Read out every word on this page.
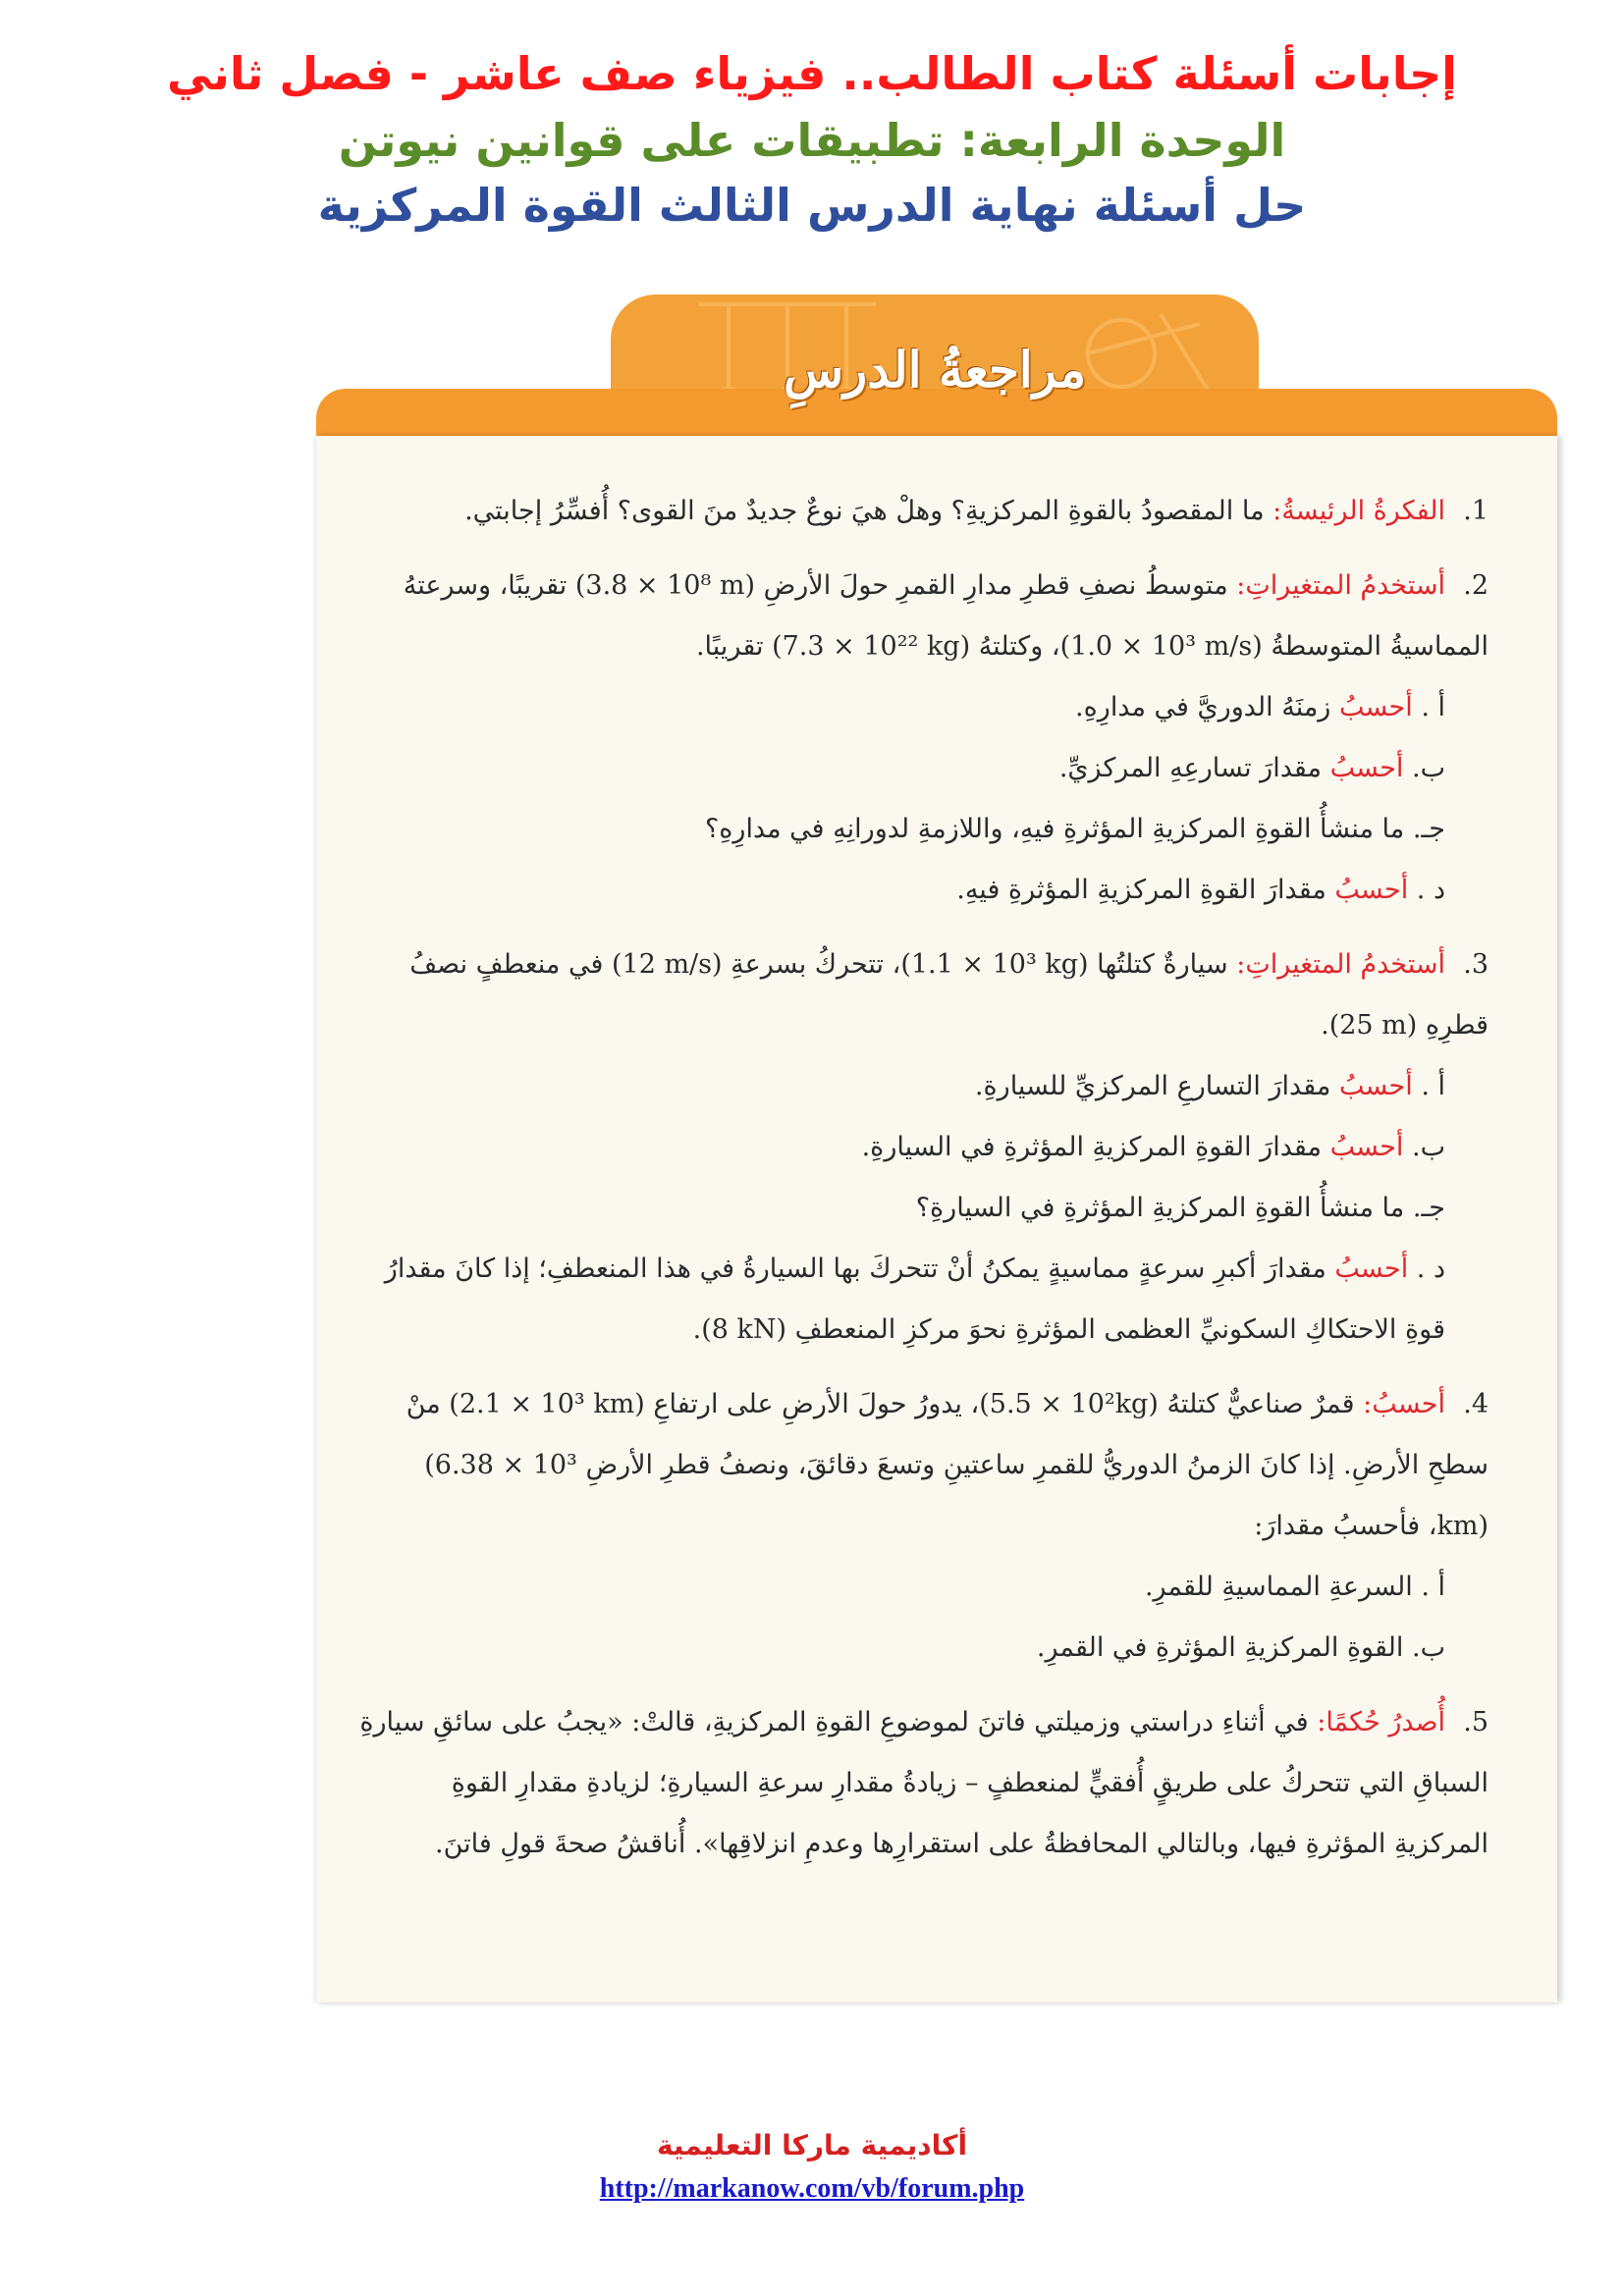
إجابات أسئلة كتاب الطالب.. فيزياء صف عاشر - فصل ثاني
الوحدة الرابعة: تطبيقات على قوانين نيوتن
حل أسئلة نهاية الدرس الثالث القوة المركزية
مراجعةُ الدرسِ
1.الفكرةُ الرئيسةُ: ما المقصودُ بالقوةِ المركزيةِ؟ وهلْ هيَ نوعٌ جديدٌ منَ القوى؟ أُفسِّرُ إجابتي.
2.أستخدمُ المتغيراتِ: متوسطُ نصفِ قطرِ مدارِ القمرِ حولَ الأرضِ (3.8 × 10⁸ m) تقريبًا، وسرعتهُ المماسيةُ المتوسطةُ (1.0 × 10³ m/s)، وكتلتهُ (7.3 × 10²² kg) تقريبًا.
أ . أحسبُ زمنَهُ الدوريَّ في مدارِهِ.
ب. أحسبُ مقدارَ تسارعِهِ المركزيِّ.
جـ. ما منشأُ القوةِ المركزيةِ المؤثرةِ فيهِ، واللازمةِ لدورانِهِ في مدارِهِ؟
د . أحسبُ مقدارَ القوةِ المركزيةِ المؤثرةِ فيهِ.
3.أستخدمُ المتغيراتِ: سيارةٌ كتلتُها (1.1 × 10³ kg)، تتحركُ بسرعةِ (12 m/s) في منعطفٍ نصفُ قطرِهِ (25 m).
أ . أحسبُ مقدارَ التسارعِ المركزيِّ للسيارةِ.
ب. أحسبُ مقدارَ القوةِ المركزيةِ المؤثرةِ في السيارةِ.
جـ. ما منشأُ القوةِ المركزيةِ المؤثرةِ في السيارةِ؟
د . أحسبُ مقدارَ أكبرِ سرعةٍ مماسيةٍ يمكنُ أنْ تتحركَ بها السيارةُ في هذا المنعطفِ؛ إذا كانَ مقدارُ قوةِ الاحتكاكِ السكونيِّ العظمى المؤثرةِ نحوَ مركزِ المنعطفِ (8 kN).
4.أحسبُ: قمرٌ صناعيٌّ كتلتهُ (5.5 × 10²kg)، يدورُ حولَ الأرضِ على ارتفاعِ (2.1 × 10³ km) منْ سطحِ الأرضِ. إذا كانَ الزمنُ الدوريُّ للقمرِ ساعتينِ وتسعَ دقائقَ، ونصفُ قطرِ الأرضِ (6.38 × 10³ km)، فأحسبُ مقدارَ:
أ . السرعةِ المماسيةِ للقمرِ.
ب. القوةِ المركزيةِ المؤثرةِ في القمرِ.
5.أُصدرُ حُكمًا: في أثناءِ دراستي وزميلتي فاتنَ لموضوعِ القوةِ المركزيةِ، قالتْ: «يجبُ على سائقِ سيارةِ السباقِ التي تتحركُ على طريقٍ أُفقيٍّ لمنعطفٍ – زيادةُ مقدارِ سرعةِ السيارةِ؛ لزيادةِ مقدارِ القوةِ المركزيةِ المؤثرةِ فيها، وبالتالي المحافظةُ على استقرارِها وعدمِ انزلاقِها». أُناقشُ صحةَ قولِ فاتنَ.
أكاديمية ماركا التعليمية
http://markanow.com/vb/forum.php
